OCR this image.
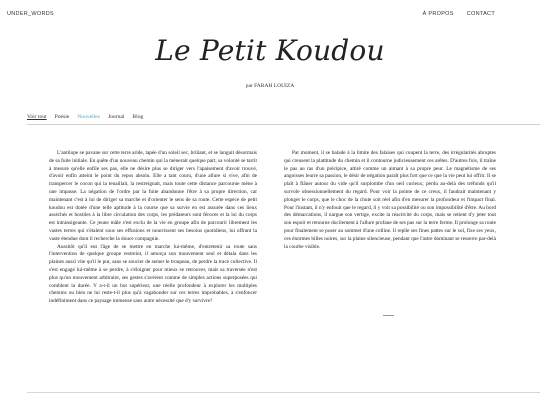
UNDER_WORDS	À PROPOS CONTACT
Le Petit Koudou
par FARAH LOUIZA
Voir tout Poésie Nouvelles Journal Blog

L'antilope se pavane sur cette terre aride, tapée d'un soleil sec, brûlant, et se languit désormais de sa fuite initiale. En quête d'un nouveau chemin qui la mènerait quelque part, sa volonté se tarrit à mesure qu'elle enfile ses pas, elle ne désire plus se diriger vers l'apaisement d'avoir trouvé, d'avoir enfin atteint le point du repos absolu. Elle a tant couru, d'une allure si vive, afin de transpercer le cocon qui la tenaillait, la restreignait, mais toute cette distance parcourue mène à une impasse. La négation de l'ordre par la fuite abandonne l'être à sa propre direction, car maintenant c'est à lui de diriger sa marche et d'orienter le sens de sa route. Cette espèce de petit koudou est dotée d'une telle aptitude à la course que sa survie en est assurée dans ces lieux asséchés et hostiles à la libre circulation des corps, les prédateurs sont féroces et la loi du corps est intransigeante. Ce jeune mâle s'est exclu de la vie en groupe afin de parcourir librement les vastes terres qui s'étalent sous ses effusions et nourrissent ses besoins quotidiens, lui offrant la vaste étendue dont il recherche la douce compagnie.

Aussitôt qu'il eut l'âge de se mettre en marche lui-même, d'entretenir sa route sans l'intervention de quelque groupe restreint, il amorça son mouvement seul et détala dans les plaines aussi vite qu'il le put, sans se soucier de semer le troupeau, de perdre la trace collective. Il s'est engagé lui-même à se perdre, à s'éloigner pour mieux se retrouver, mais sa traversée n'est plus qu'un mouvement arbitraire, ses gestes s'avèrent comme de simples actions superposées qui comblent la durée. Y a-t-il un but supérieur, une réelle profondeur à explorer les multiples chemins ou bien ne lui reste-t-il plus qu'à vagabonder sur ces terres improbables, à s'enfoncer indéfiniment dans ce paysage immense sans autre nécessité que d'y survivre?

Par moment, il se balade à la limite des falaises qui coupent la terre, des irrégularités abruptes qui creusent la plattitude du chemin et il contourne judicieusement ces arêtes. D'autres fois, il traîne le pas au ras d'un précipice, attiré comme un aimant à sa propre peur. Le magnétisme de ses angoisses leurre sa passion, le désir de négation paraît plus fort que ce que la vie peut lui offrir. Il se plaît à flâner autour du vide qu'il surplombe d'un oeil curieux; perdu au-delà des tréfonds qu'il survole obsessionnellement du regard. Pour voir la pointe de ce creux, il faudrait maintenant y plonger le corps, que le choc de la chute soit réel afin d'en mesurer la profondeur et l'impact final. Pour l'instant, il n'y enfouit que le regard, il y voit sa possibilité ou son impossibilité d'être. Au bord des démarcations, il nargue son vertige, excite la réactivité du corps, mais se retient d'y jeter tout son espoir et retourne docilement à l'allure profane de ses pas sur la terre ferme. Il prolonge sa route pour finalement se poser au sommet d'une colline. Il replie ses fines pattes sur le sol, fixe ses yeux, ces énormes billes noires, sur la plaine silencieuse, pendant que l'astre dominant se resserre par-delà la courbe visible.
